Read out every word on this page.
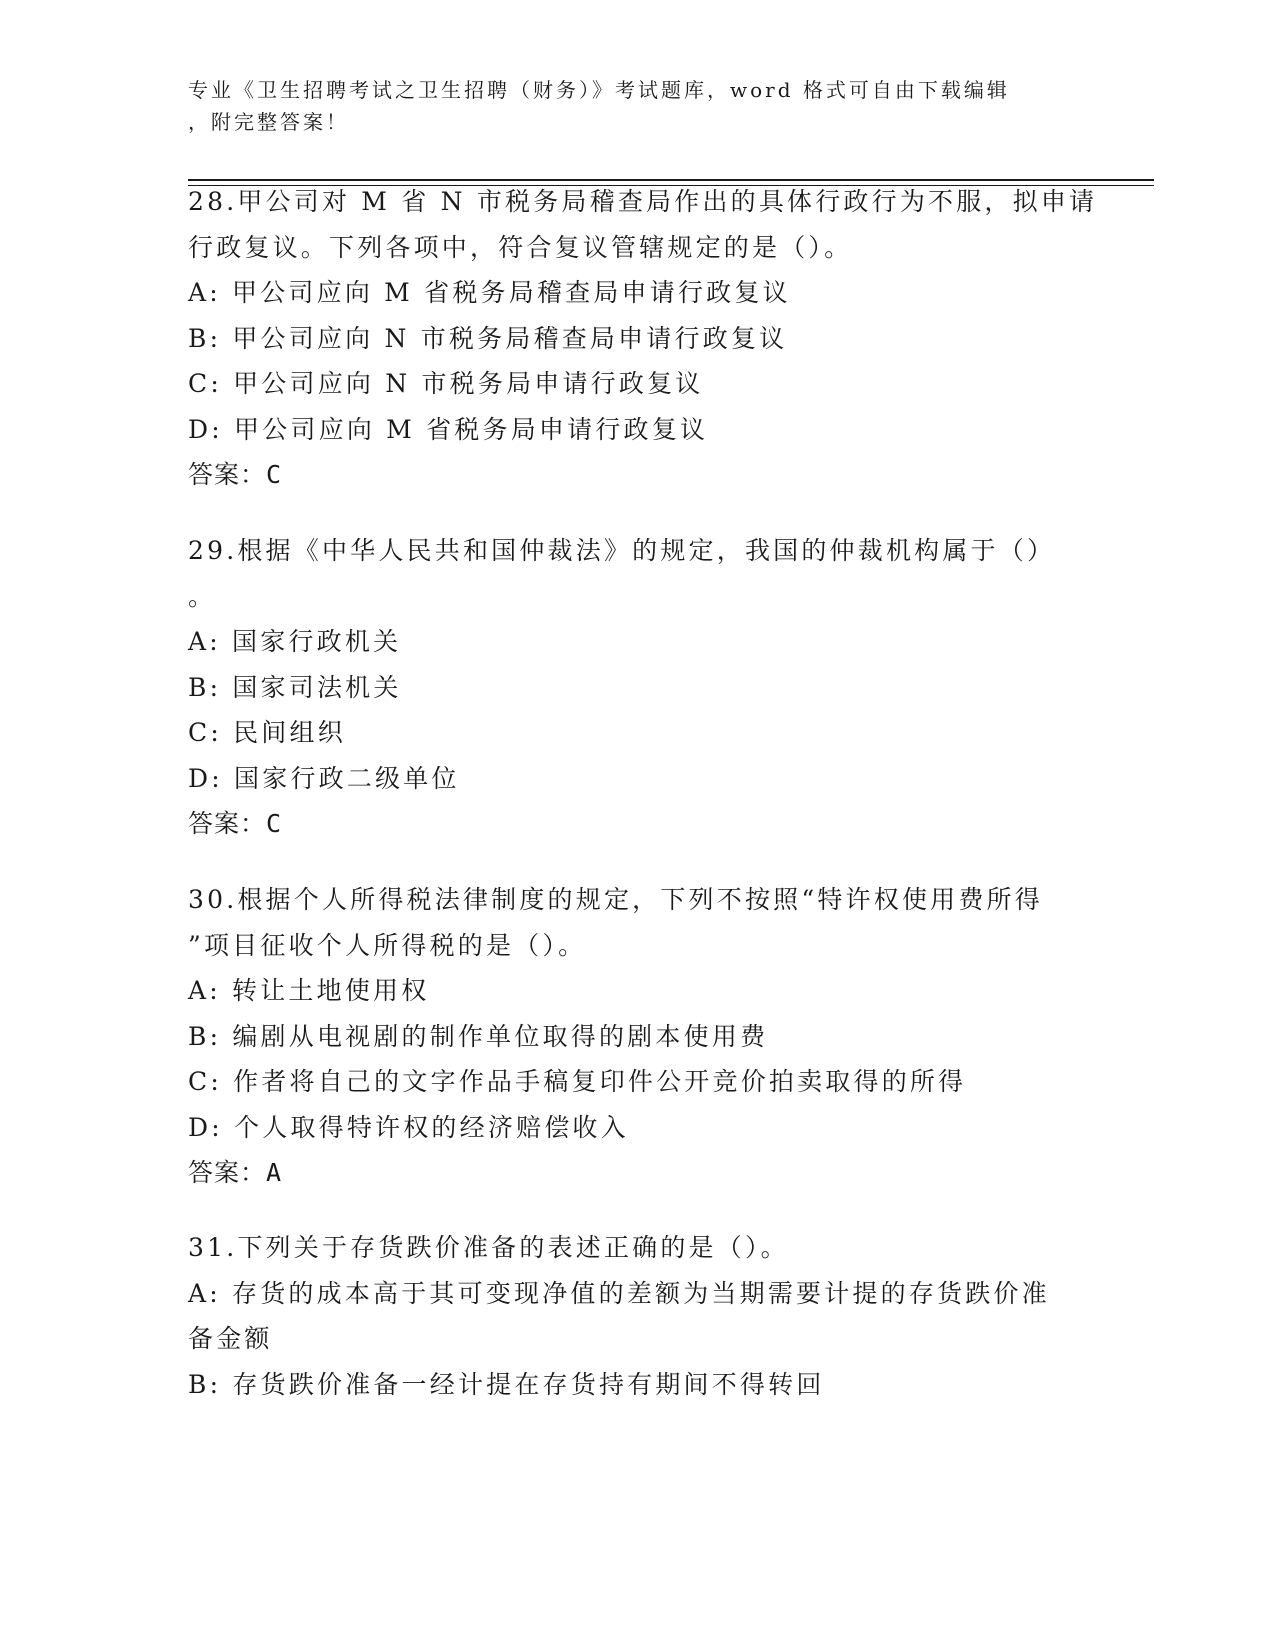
专业《卫生招聘考试之卫生招聘（财务）》考试题库，word 格式可自由下载编辑
，附完整答案！
28.甲公司对 M 省 N 市税务局稽查局作出的具体行政行为不服，拟申请
行政复议。下列各项中，符合复议管辖规定的是（）。
A: 甲公司应向 M 省税务局稽查局申请行政复议
B: 甲公司应向 N 市税务局稽查局申请行政复议
C: 甲公司应向 N 市税务局申请行政复议
D: 甲公司应向 M 省税务局申请行政复议
答案：C
29.根据《中华人民共和国仲裁法》的规定，我国的仲裁机构属于（）
。
A: 国家行政机关
B: 国家司法机关
C: 民间组织
D: 国家行政二级单位
答案：C
30.根据个人所得税法律制度的规定，下列不按照“特许权使用费所得
”项目征收个人所得税的是（）。
A: 转让土地使用权
B: 编剧从电视剧的制作单位取得的剧本使用费
C: 作者将自己的文字作品手稿复印件公开竞价拍卖取得的所得
D: 个人取得特许权的经济赔偿收入
答案：A
31.下列关于存货跌价准备的表述正确的是（）。
A: 存货的成本高于其可变现净值的差额为当期需要计提的存货跌价准
备金额
B: 存货跌价准备一经计提在存货持有期间不得转回
